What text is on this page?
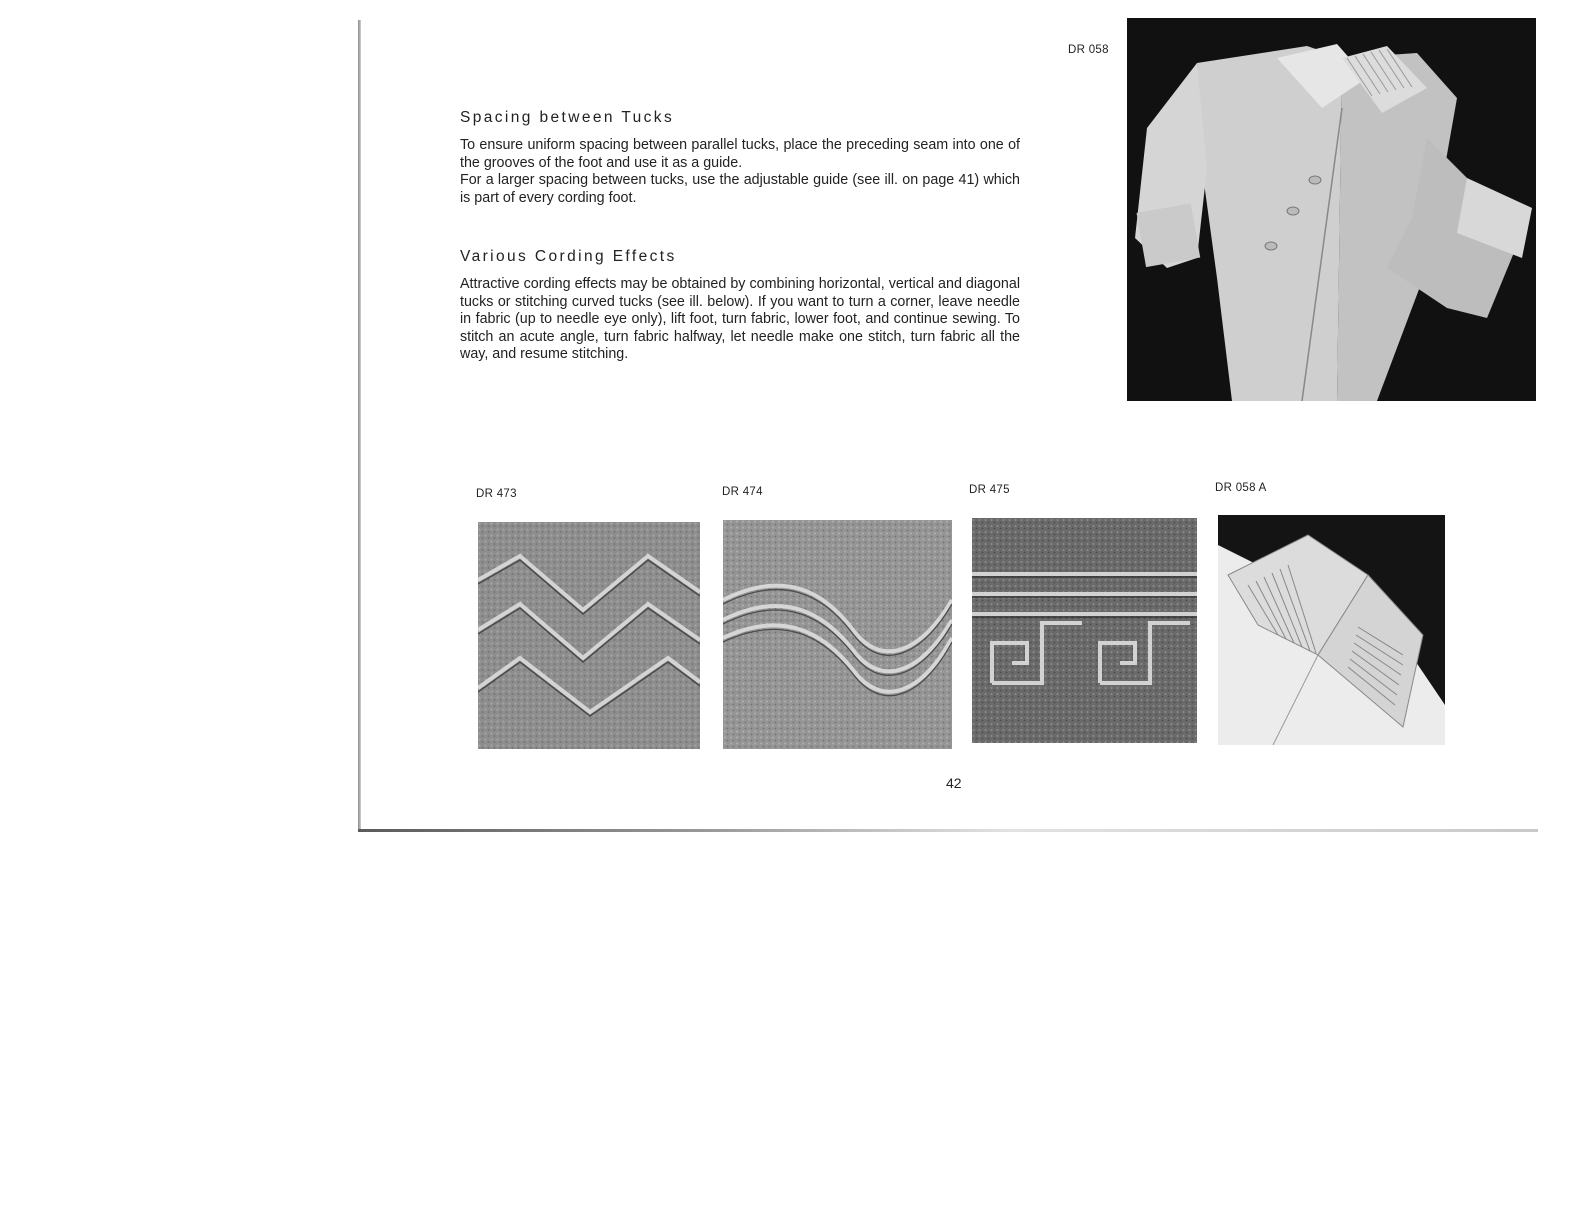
Spacing between Tucks

To ensure uniform spacing between parallel tucks, place the preceding seam into one of the grooves of the foot and use it as a guide.

For a larger spacing between tucks, use the adjustable guide (see ill. on page 41) which is part of every cording foot.

Various Cording Effects

Attractive cording effects may be obtained by combining horizontal, vertical and diagonal tucks or stitching curved tucks (see ill. below). If you want to turn a corner, leave needle in fabric (up to needle eye only), lift foot, turn fabric, lower foot, and continue sewing. To stitch an acute angle, turn fabric halfway, let needle make one stitch, turn fabric all the way, and resume stitching.

DR 058
DR 473	DR 474	DR 475	DR 058 A
42
